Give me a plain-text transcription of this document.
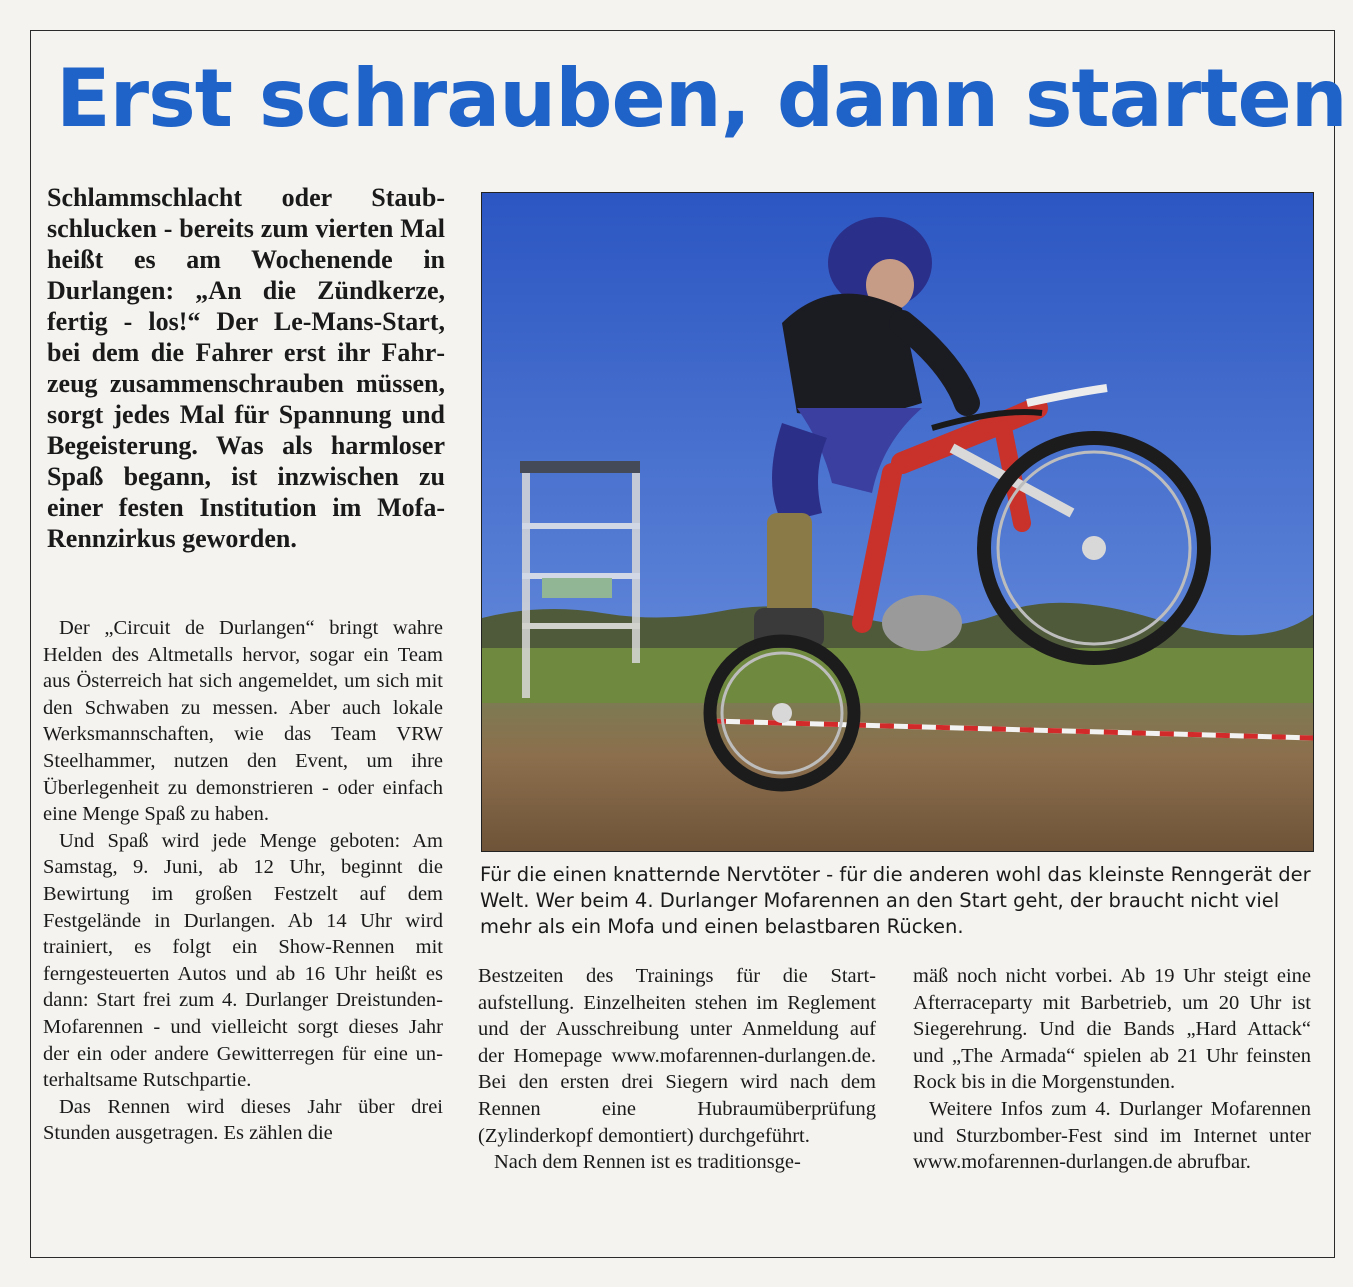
Erst schrauben, dann starten

Schlammschlacht oder Staubschlucken - bereits zum vierten Mal heißt es am Wochenende in Durlangen: „An die Zündkerze, fertig - los!“ Der Le-Mans-Start, bei dem die Fahrer erst ihr Fahrzeug zusammenschrauben müssen, sorgt jedes Mal für Spannung und Begeisterung. Was als harmloser Spaß begann, ist inzwischen zu einer festen Institution im Mofa-Rennzirkus geworden.

Der „Circuit de Durlangen“ bringt wahre Helden des Altmetalls hervor, sogar ein Team aus Österreich hat sich angemeldet, um sich mit den Schwaben zu messen. Aber auch lokale Werksmannschaften, wie das Team VRW Steelhammer, nutzen den Event, um ihre Überlegenheit zu demonstrieren - oder einfach eine Menge Spaß zu haben.

Und Spaß wird jede Menge geboten: Am Samstag, 9. Juni, ab 12 Uhr, beginnt die Bewirtung im großen Festzelt auf dem Festgelände in Durlangen. Ab 14 Uhr wird trainiert, es folgt ein Show-Rennen mit ferngesteuerten Autos und ab 16 Uhr heißt es dann: Start frei zum 4. Durlanger Dreistunden-Mofarennen - und vielleicht sorgt dieses Jahr der ein oder andere Gewitterregen für eine unterhaltsame Rutschpartie.

Das Rennen wird dieses Jahr über drei Stunden ausgetragen. Es zählen die

Für die einen knatternde Nervtöter - für die anderen wohl das kleinste Renngerät der Welt. Wer beim 4. Durlanger Mofarennen an den Start geht, der braucht nicht viel mehr als ein Mofa und einen belastbaren Rücken.

Bestzeiten des Trainings für die Startaufstellung. Einzelheiten stehen im Reglement und der Ausschreibung unter Anmeldung auf der Homepage www.mofarennen-durlangen.de. Bei den ersten drei Siegern wird nach dem Rennen eine Hubraumüberprüfung (Zylinderkopf demontiert) durchgeführt.

Nach dem Rennen ist es traditionsge-

mäß noch nicht vorbei. Ab 19 Uhr steigt eine Afterraceparty mit Barbetrieb, um 20 Uhr ist Siegerehrung. Und die Bands „Hard Attack“ und „The Armada“ spielen ab 21 Uhr feinsten Rock bis in die Morgenstunden.

Weitere Infos zum 4. Durlanger Mofarennen und Sturzbomber-Fest sind im Internet unter www.mofarennen-durlangen.de abrufbar.
